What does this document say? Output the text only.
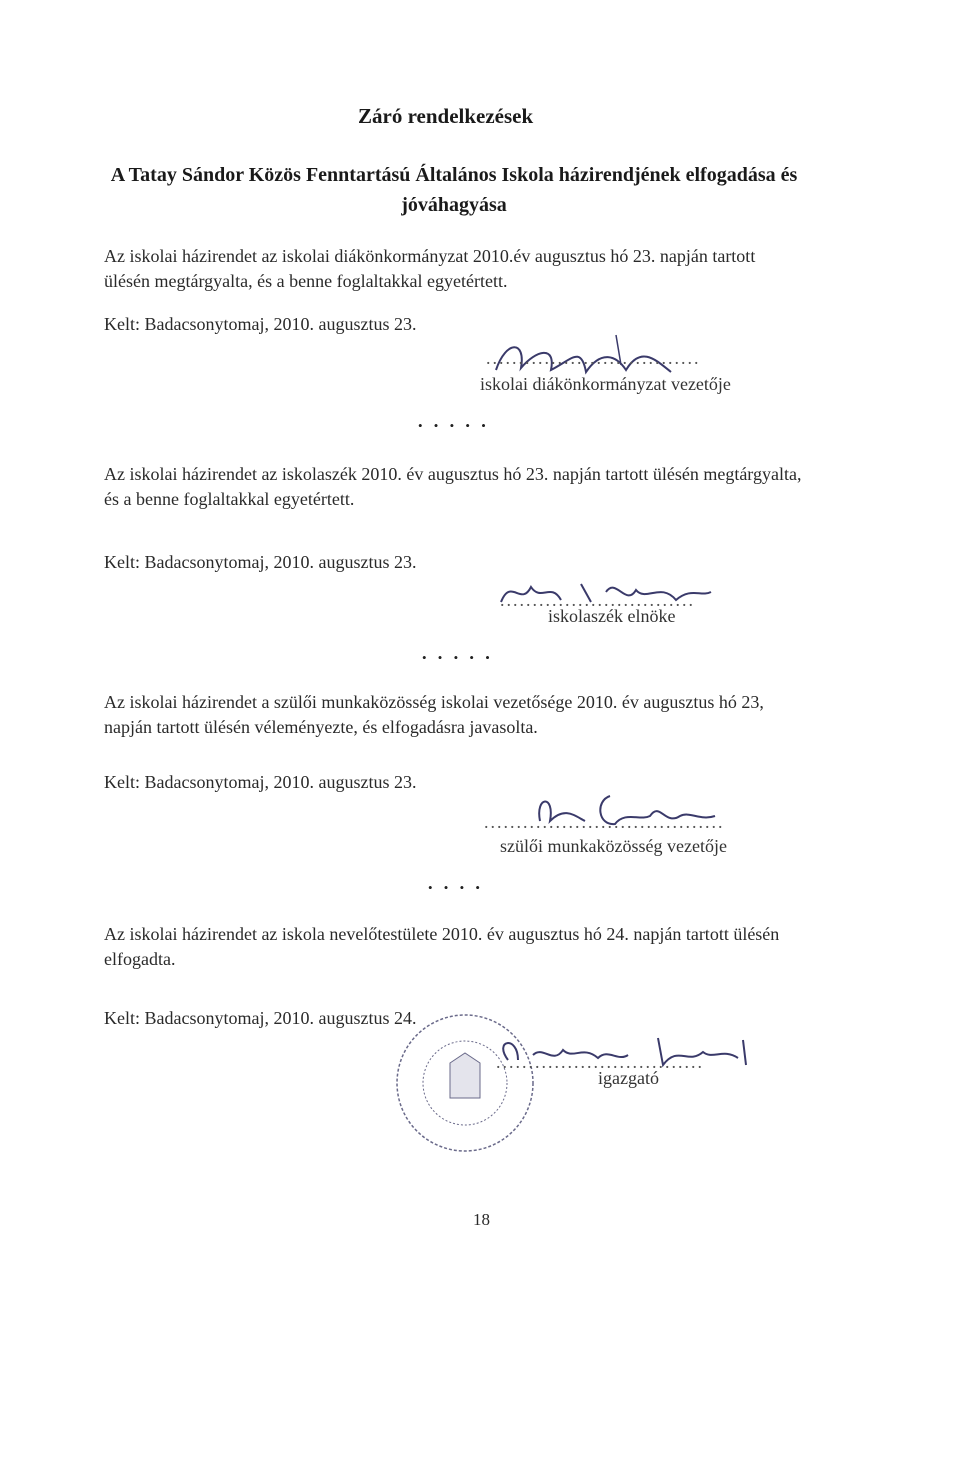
Záró rendelkezések
A Tatay Sándor Közös Fenntartású Általános Iskola házirendjének elfogadása és jóváhagyása
Az iskolai házirendet az iskolai diákönkormányzat 2010.év augusztus hó 23. napján tartott ülésén megtárgyalta, és a benne foglaltakkal egyetértett.
Kelt: Badacsonytomaj, 2010. augusztus 23.
.................................
iskolai diákönkormányzat vezetője
• • • • •
Az iskolai házirendet az iskolaszék 2010. év augusztus hó 23. napján tartott ülésén megtárgyalta, és a benne foglaltakkal egyetértett.
Kelt: Badacsonytomaj, 2010. augusztus 23.
..............................
iskolaszék elnöke
• • • • •
Az iskolai házirendet a szülői munkaközösség iskolai vezetősége 2010. év augusztus hó 23, napján tartott ülésén véleményezte, és elfogadásra javasolta.
Kelt: Badacsonytomaj, 2010. augusztus 23.
.....................................
szülői munkaközösség vezetője
• • • •
Az iskolai házirendet az iskola nevelőtestülete 2010. év augusztus hó 24. napján tartott ülésén elfogadta.
Kelt: Badacsonytomaj, 2010. augusztus 24.
................................
igazgató
18
